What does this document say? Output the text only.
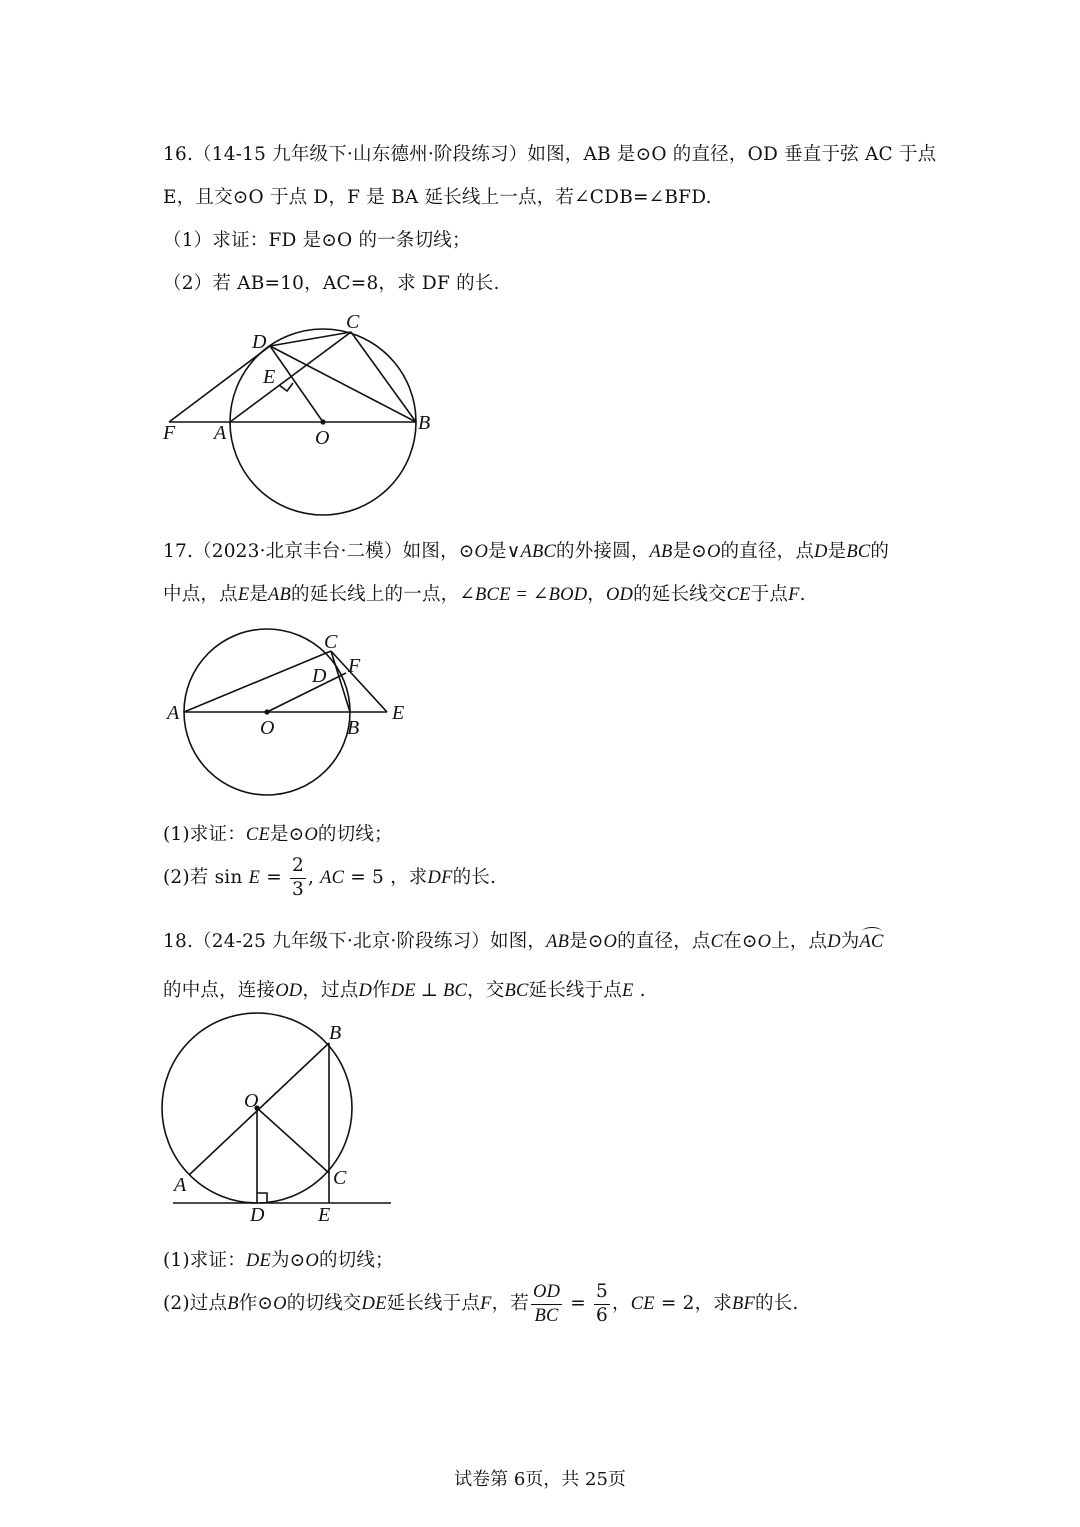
16.（14-15 九年级下·山东德州·阶段练习）如图，AB 是⊙O 的直径，OD 垂直于弦 AC 于点
E，且交⊙O 于点 D，F 是 BA 延长线上一点，若∠CDB=∠BFD.
（1）求证：FD 是⊙O 的一条切线；
（2）若 AB=10，AC=8，求 DF 的长.
C
D
E
F A	O
B
17.（2023·北京丰台·二模）如图，⊙O是∨ABC的外接圆，AB是⊙O的直径，点D是BC的
中点，点E是AB的延长线上的一点，∠BCE = ∠BOD，OD的延长线交CE于点F.
C
D F
A
O	B
E
(1)求证：CE是⊙O的切线；
(2)若 $\sin E = \frac{2}{3}$ , AC = 5 ，求DF的长.
18.（24-25 九年级下·北京·阶段练习）如图，AB是⊙O的直径，点C在⊙O上，点D为AC
的中点，连接OD，过点D作DE ⊥ BC，交BC延长线于点E .
B
O
A	C
D	E
(1)求证：DE为⊙O的切线；
(2)过点B作⊙O的切线交DE延长线于点F，若 $\frac{OD}{BC} = \frac{5}{6}$ ，CE = 2，求BF的长.
试卷第 6页，共 25页
